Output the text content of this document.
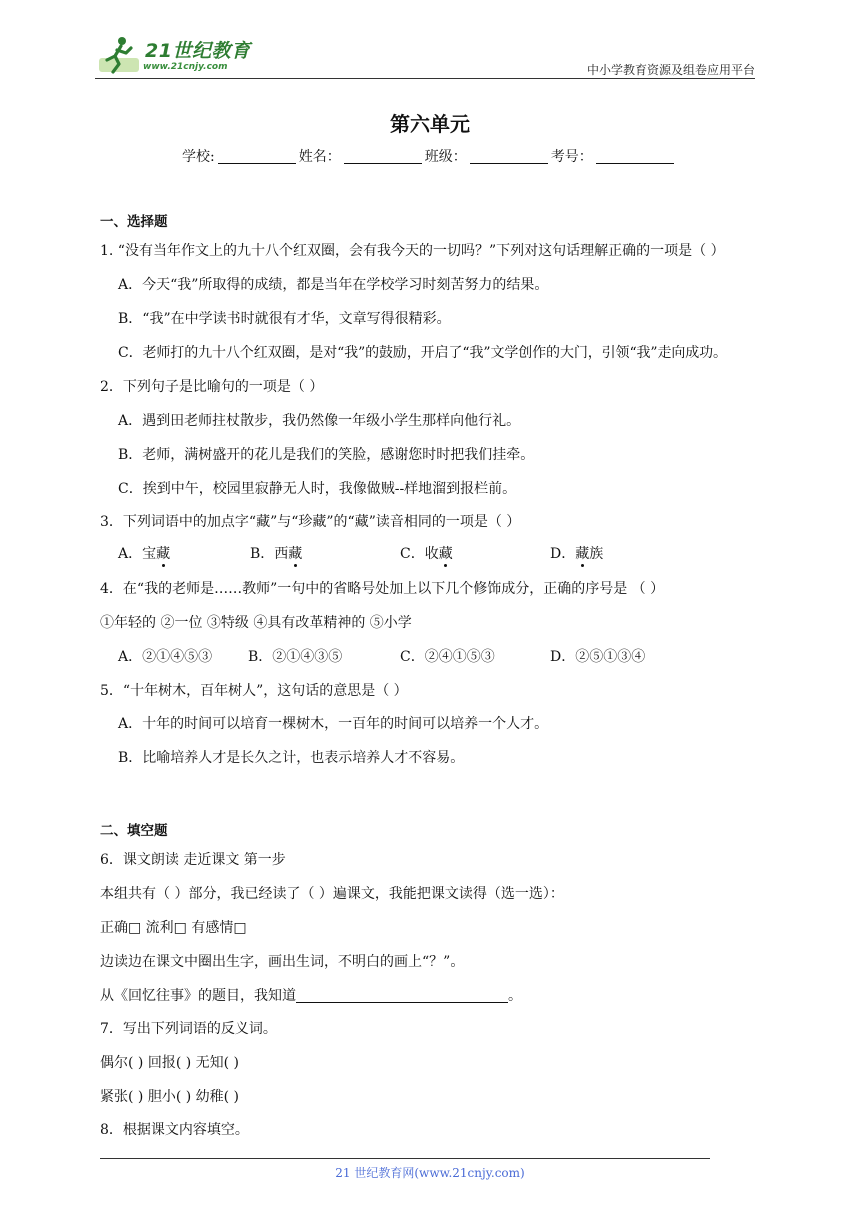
21世纪教育
www.21cnjy.com	中小学教育资源及组卷应用平台
第六单元
学校:	姓名：	班级：	考号：
一、选择题
1. “没有当年作文上的九十八个红双圈，会有我今天的一切吗？”下列对这句话理解正确的一项是（ ）
A．今天“我”所取得的成绩，都是当年在学校学习时刻苦努力的结果。
B．“我”在中学读书时就很有才华，文章写得很精彩。
C．老师打的九十八个红双圈，是对“我”的鼓励，开启了“我”文学创作的大门，引领“我”走向成功。
2．下列句子是比喻句的一项是（ ）
A．遇到田老师拄杖散步，我仍然像一年级小学生那样向他行礼。
B．老师，满树盛开的花儿是我们的笑脸，感谢您时时把我们挂牵。
C．挨到中午，校园里寂静无人时，我像做贼--样地溜到报栏前。
3．下列词语中的加点字“藏”与“珍藏”的“藏”读音相同的一项是（ ）
A．宝藏	B．西藏	C．收藏	D．藏族
4．在“我的老师是……教师”一句中的省略号处加上以下几个修饰成分，正确的序号是 （ ）
①年轻的 ②一位 ③特级 ④具有改革精神的 ⑤小学
A．②①④⑤③	B．②①④③⑤	C．②④①⑤③	D．②⑤①③④
5．“十年树木，百年树人”，这句话的意思是（ ）
A．十年的时间可以培育一棵树木，一百年的时间可以培养一个人才。
B．比喻培养人才是长久之计，也表示培养人才不容易。
二、填空题
6．课文朗读 走近课文 第一步
本组共有（ ）部分，我已经读了（ ）遍课文，我能把课文读得（选一选）：
正确□ 流利□ 有感情□
边读边在课文中圈出生字，画出生词，不明白的画上“？”。
从《回忆往事》的题目，我知道	。
7．写出下列词语的反义词。
偶尔( ) 回报( ) 无知( )
紧张( ) 胆小( ) 幼稚( )
8．根据课文内容填空。
21 世纪教育网(www.21cnjy.com)
